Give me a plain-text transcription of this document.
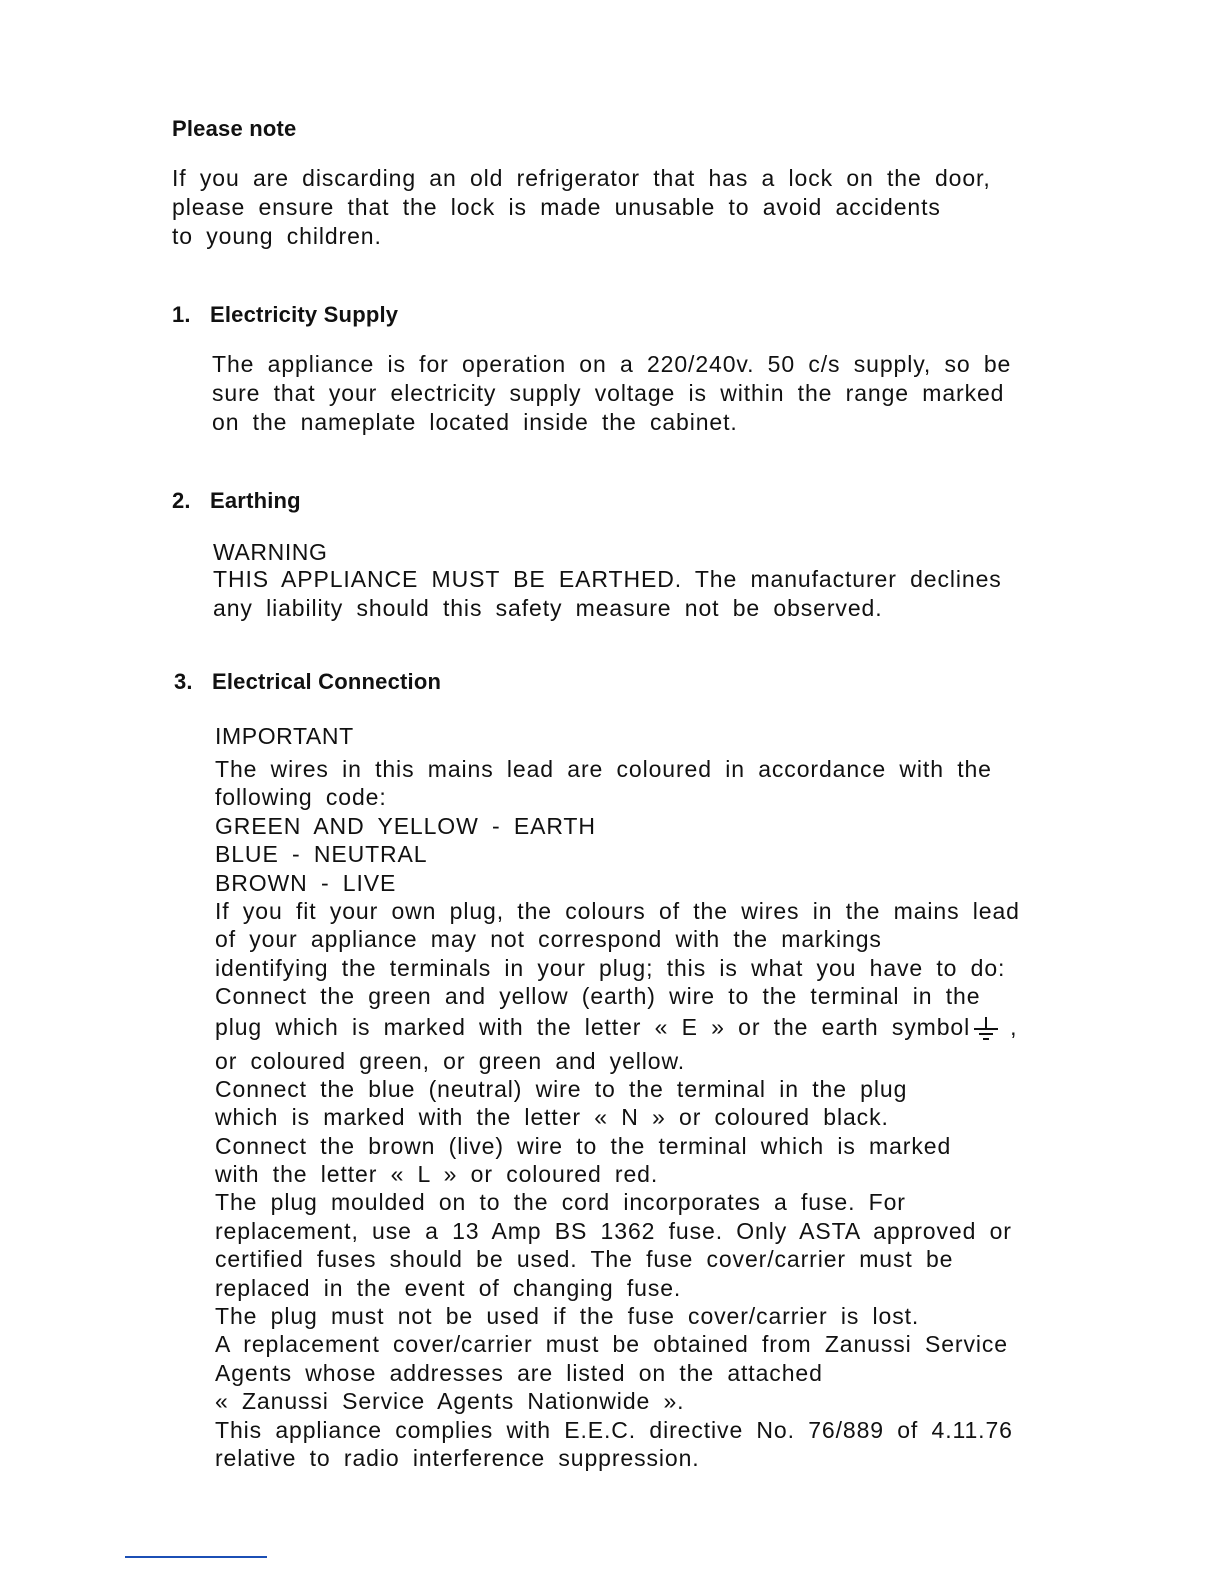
Please note
If you are discarding an old refrigerator that has a lock on the door,
please ensure that the lock is made unusable to avoid accidents
to young children.
1. Electricity Supply
The appliance is for operation on a 220/240v. 50 c/s supply, so be
sure that your electricity supply voltage is within the range marked
on the nameplate located inside the cabinet.
2. Earthing
WARNING
THIS APPLIANCE MUST BE EARTHED. The manufacturer declines
any liability should this safety measure not be observed.
3. Electrical Connection
IMPORTANT
The wires in this mains lead are coloured in accordance with the
following code:
GREEN AND YELLOW - EARTH
BLUE - NEUTRAL
BROWN - LIVE
If you fit your own plug, the colours of the wires in the mains lead
of your appliance may not correspond with the markings
identifying the terminals in your plug; this is what you have to do:
Connect the green and yellow (earth) wire to the terminal in the
plug which is marked with the letter « E » or the earth symbol ,
or coloured green, or green and yellow.
Connect the blue (neutral) wire to the terminal in the plug
which is marked with the letter « N » or coloured black.
Connect the brown (live) wire to the terminal which is marked
with the letter « L » or coloured red.
The plug moulded on to the cord incorporates a fuse. For
replacement, use a 13 Amp BS 1362 fuse. Only ASTA approved or
certified fuses should be used. The fuse cover/carrier must be
replaced in the event of changing fuse.
The plug must not be used if the fuse cover/carrier is lost.
A replacement cover/carrier must be obtained from Zanussi Service
Agents whose addresses are listed on the attached
« Zanussi Service Agents Nationwide ».
This appliance complies with E.E.C. directive No. 76/889 of 4.11.76
relative to radio interference suppression.
